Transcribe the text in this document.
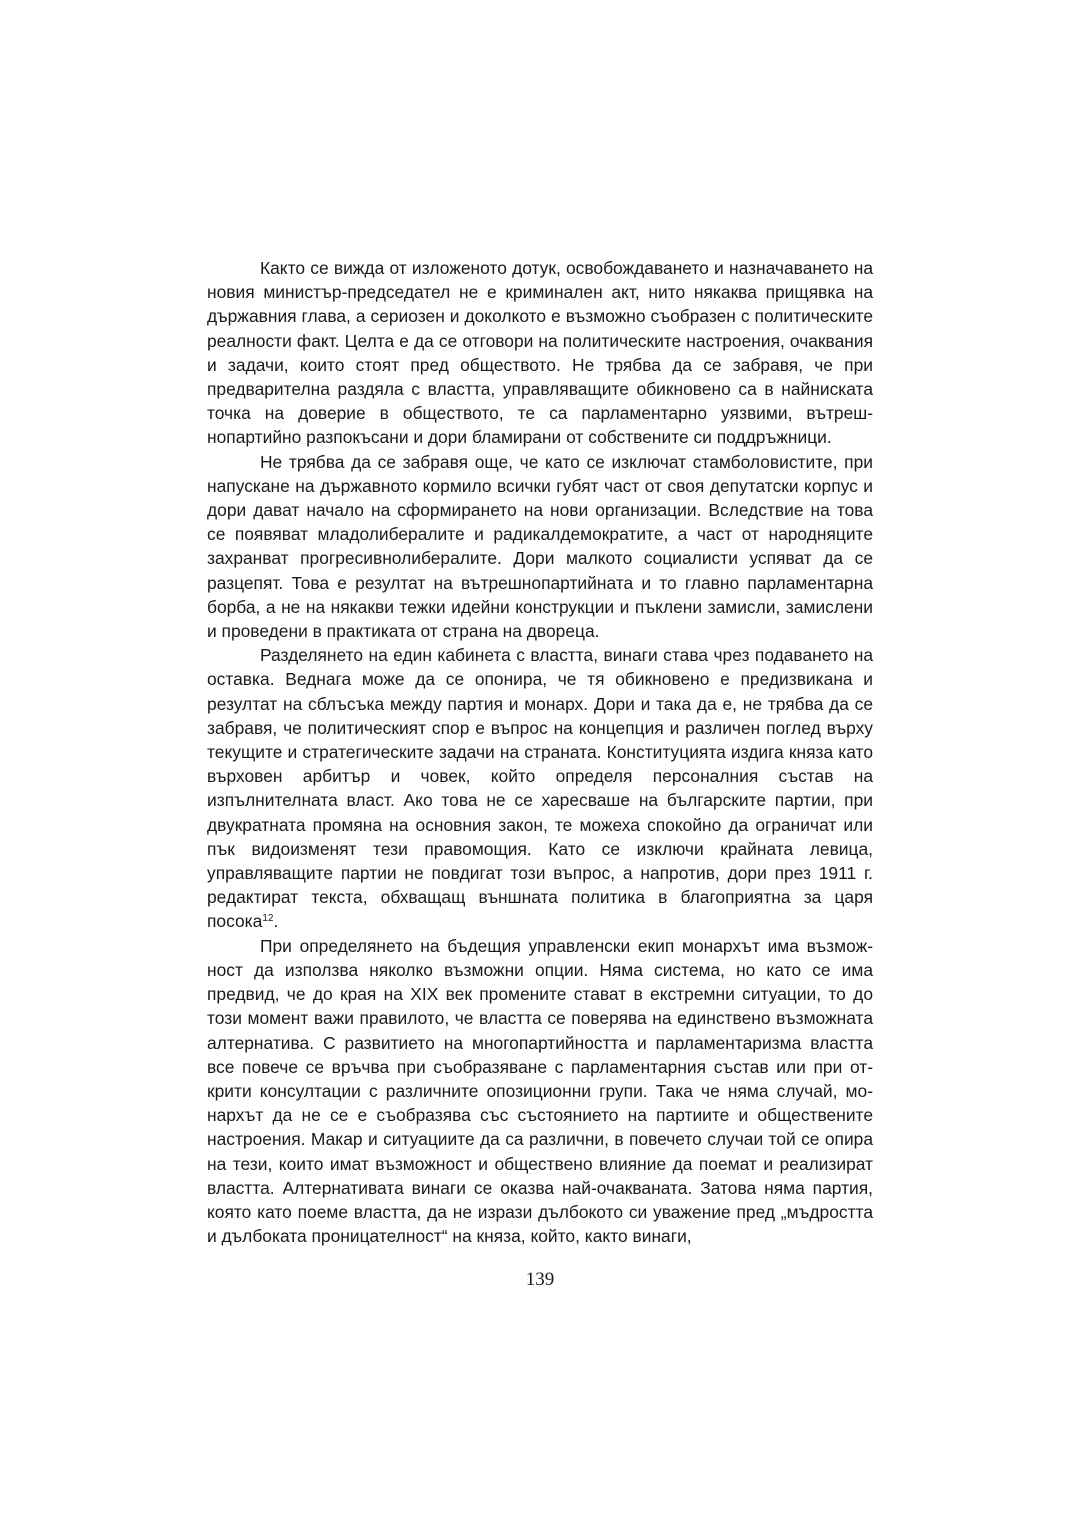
Както се вижда от изложеното дотук, освобождаването и назначаването на новия министър-председател не е криминален акт, нито някаква прищявка на държавния глава, а сериозен и доколкото е възможно съобразен с политическите реалности факт. Целта е да се отговори на политическите настроения, очаквания и задачи, които стоят пред обществото. Не трябва да се забравя, че при предварителна раздяла с властта, управляващите обикновено са в найниската точка на доверие в обществото, те са парламентарно уязвими, вътрешнопартийно разпокъсани и дори бламирани от собствените си поддръжници.

Не трябва да се забравя още, че като се изключат стамболовистите, при напускане на държавното кормило всички губят част от своя депутатски корпус и дори дават начало на сформирането на нови организации. Вследствие на това се появяват младолибералите и радикалдемократите, а част от народняците захранват прогресивнолибералите. Дори малкото социалисти успяват да се разцепят. Това е резултат на вътрешнопартийната и то главно парламентарна борба, а не на някакви тежки идейни конструкции и пъклени замисли, замислени и проведени в практиката от страна на двореца.

Разделянето на един кабинета с властта, винаги става чрез подаването на оставка. Веднага може да се опонира, че тя обикновено е предизвикана и резултат на сблъсъка между партия и монарх. Дори и така да е, не трябва да се забравя, че политическият спор е въпрос на концепция и различен поглед върху текущите и стратегическите задачи на страната. Конституцията издига княза като върховен арбитър и човек, който определя персоналния състав на изпълнителната власт. Ако това не се харесваше на българските партии, при двукратната промяна на основния закон, те можеха спокойно да ограничат или пък видоизменят тези правомощия. Като се изключи крайната левица, управляващите партии не повдигат този въпрос, а напротив, дори през 1911 г. редактират текста, обхващащ външната политика в благоприятна за царя посока$^{12}$.

При определянето на бъдещия управленски екип монархът има възможност да използва няколко възможни опции. Няма система, но като се има предвид, че до края на XIX век промените стават в екстремни ситуации, то до този момент важи правилото, че властта се поверява на единствено възможната алтернатива. С развитието на многопартийността и парламентаризма властта все повече се връчва при съобразяване с парламентарния състав или при открити консултации с различните опозиционни групи. Така че няма случай, монархът да не се е съобразява със състоянието на партиите и обществените настроения. Макар и ситуациите да са различни, в повечето случаи той се опира на тези, които имат възможност и обществено влияние да поемат и реализират властта. Алтернативата винаги се оказва най-очакваната. Затова няма партия, която като поеме властта, да не изрази дълбокото си уважение пред „мъдростта и дълбоката проницателност“ на княза, който, както винаги,

139
